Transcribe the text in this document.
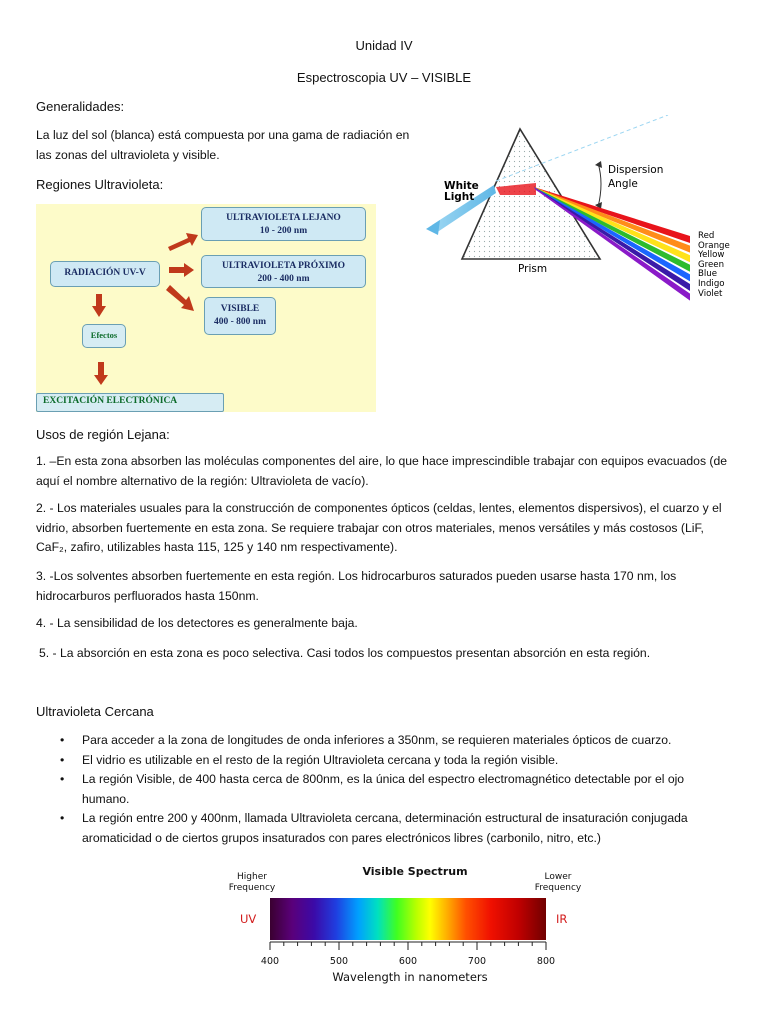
Unidad IV
Espectroscopia UV – VISIBLE
Generalidades:

La luz del sol (blanca) está compuesta por una gama de radiación en las zonas del ultravioleta y visible.

Regiones Ultravioleta:
ULTRAVIOLETA LEJANO
10 - 200 nm
ULTRAVIOLETA PRÓXIMO
200 - 400 nm
VISIBLE
400 - 800 nm
RADIACIÓN UV-V
Efectos
EXCITACIÓN ELECTRÓNICA
White Light
Dispersion Angle
Prism
Red
Orange
Yellow
Green
Blue
Indigo
Violet
Usos de región Lejana:

1. –En esta zona absorben las moléculas componentes del aire, lo que hace imprescindible trabajar con equipos evacuados (de aquí el nombre alternativo de la región: Ultravioleta de vacío).

2. - Los materiales usuales para la construcción de componentes ópticos (celdas, lentes, elementos dispersivos), el cuarzo y el vidrio, absorben fuertemente en esta zona. Se requiere trabajar con otros materiales, menos versátiles y más costosos (LiF, CaF₂, zafiro, utilizables hasta 115, 125 y 140 nm respectivamente).

3. -Los solventes absorben fuertemente en esta región. Los hidrocarburos saturados pueden usarse hasta 170 nm, los hidrocarburos perfluorados hasta 150nm.

4. - La sensibilidad de los detectores es generalmente baja.

5. - La absorción en esta zona es poco selectiva. Casi todos los compuestos presentan absorción en esta región.

Ultravioleta Cercana
• Para acceder a la zona de longitudes de onda inferiores a 350nm, se requieren materiales ópticos de cuarzo.
• El vidrio es utilizable en el resto de la región Ultravioleta cercana y toda la región visible.
• La región Visible, de 400 hasta cerca de 800nm, es la única del espectro electromagnético detectable por el ojo humano.
• La región entre 200 y 400nm, llamada Ultravioleta cercana, determinación estructural de insaturación conjugada aromaticidad o de ciertos grupos insaturados con pares electrónicos libres (carbonilo, nitro, etc.)
Higher Frequency
Visible Spectrum	Lower Frequency
UV	IR
400	500	600	700	800
Wavelength in nanometers
